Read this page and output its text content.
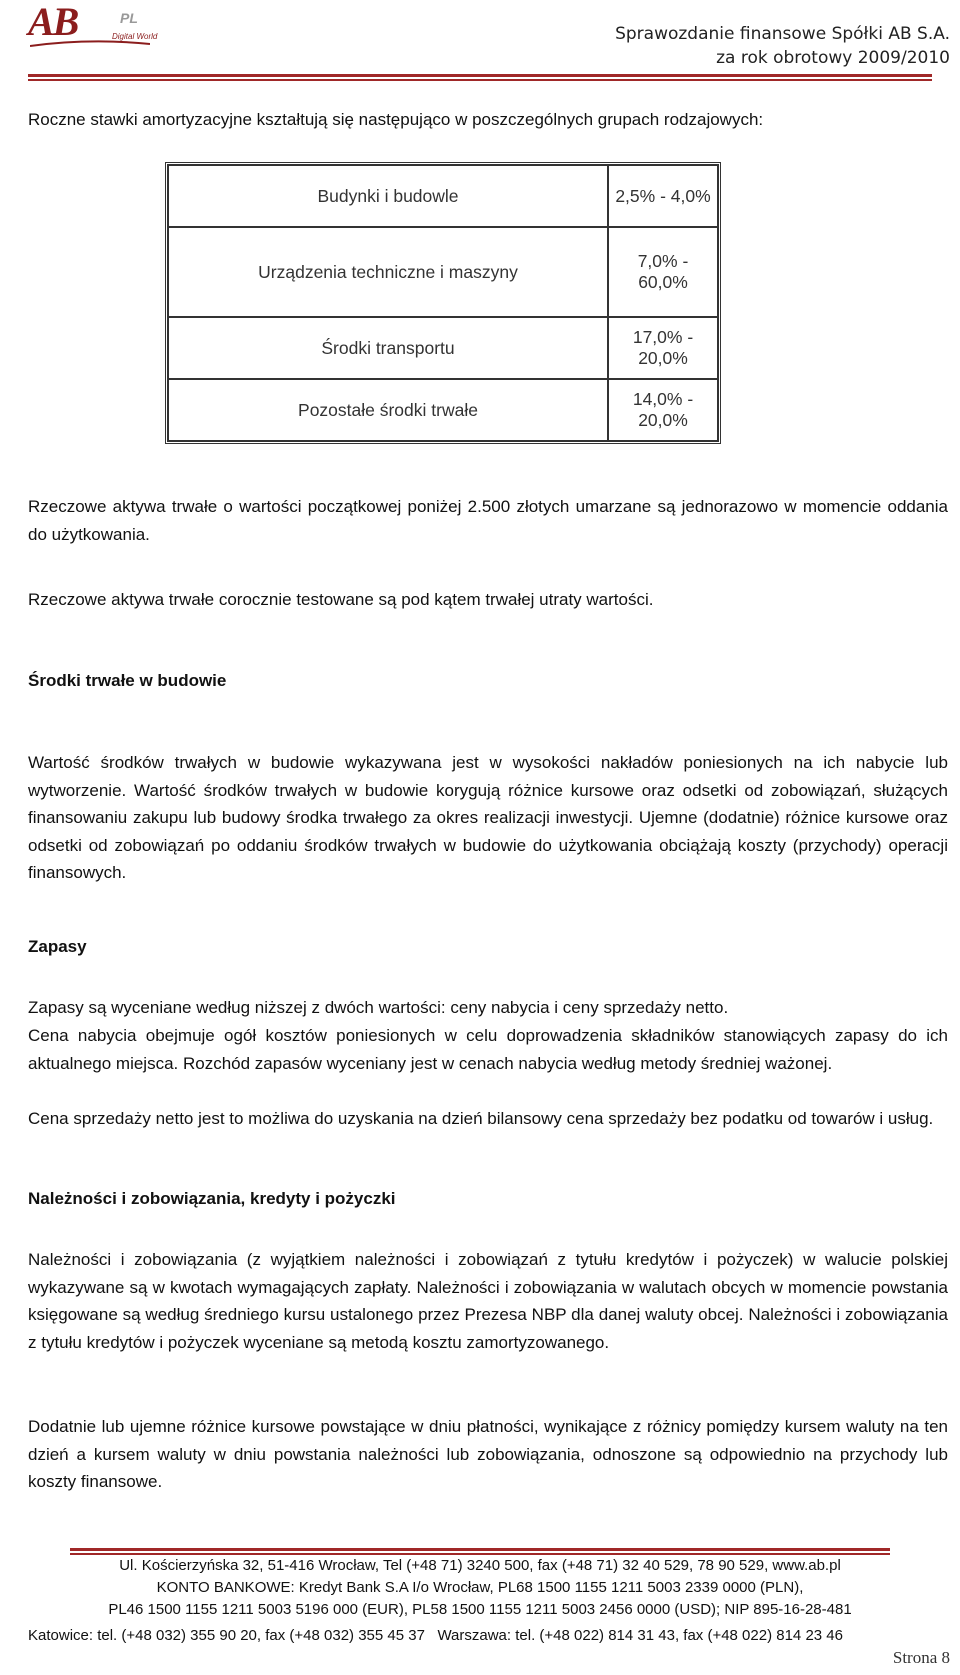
AB	PL
Digital World	Sprawozdanie finansowe Spółki AB S.A.
za rok obrotowy 2009/2010

Roczne stawki amortyzacyjne kształtują się następująco w poszczególnych grupach rodzajowych:

Budynki i budowle	2,5% - 4,0%
Urządzenia techniczne i maszyny	7,0% - 60,0%
Środki transportu	17,0% - 20,0%
Pozostałe środki trwałe	14,0% - 20,0%

Rzeczowe aktywa trwałe o wartości początkowej poniżej 2.500 złotych umarzane są jednorazowo w momencie oddania do użytkowania.

Rzeczowe aktywa trwałe corocznie testowane są pod kątem trwałej utraty wartości.

Środki trwałe w budowie

Wartość środków trwałych w budowie wykazywana jest w wysokości nakładów poniesionych na ich nabycie lub wytworzenie. Wartość środków trwałych w budowie korygują różnice kursowe oraz odsetki od zobowiązań, służących finansowaniu zakupu lub budowy środka trwałego za okres realizacji inwestycji. Ujemne (dodatnie) różnice kursowe oraz odsetki od zobowiązań po oddaniu środków trwałych w budowie do użytkowania obciążają koszty (przychody) operacji finansowych.

Zapasy

Zapasy są wyceniane według niższej z dwóch wartości: ceny nabycia i ceny sprzedaży netto.

Cena nabycia obejmuje ogół kosztów poniesionych w celu doprowadzenia składników stanowiących zapasy do ich aktualnego miejsca. Rozchód zapasów wyceniany jest w cenach nabycia według metody średniej ważonej.

Cena sprzedaży netto jest to możliwa do uzyskania na dzień bilansowy cena sprzedaży bez podatku od towarów i usług.

Należności i zobowiązania, kredyty i pożyczki

Należności i zobowiązania (z wyjątkiem należności i zobowiązań z tytułu kredytów i pożyczek) w walucie polskiej wykazywane są w kwotach wymagających zapłaty. Należności i zobowiązania w walutach obcych w momencie powstania księgowane są według średniego kursu ustalonego przez Prezesa NBP dla danej waluty obcej. Należności i zobowiązania z tytułu kredytów i pożyczek wyceniane są metodą kosztu zamortyzowanego.

Dodatnie lub ujemne różnice kursowe powstające w dniu płatności, wynikające z różnicy pomiędzy kursem waluty na ten dzień a kursem waluty w dniu powstania należności lub zobowiązania, odnoszone są odpowiednio na przychody lub koszty finansowe.

Ul. Kościerzyńska 32, 51-416 Wrocław, Tel (+48 71) 3240 500, fax (+48 71) 32 40 529, 78 90 529, www.ab.pl
KONTO BANKOWE: Kredyt Bank S.A I/o Wrocław, PL68 1500 1155 1211 5003 2339 0000 (PLN),
PL46 1500 1155 1211 5003 5196 000 (EUR), PL58 1500 1155 1211 5003 2456 0000 (USD); NIP 895-16-28-481
Katowice: tel. (+48 032) 355 90 20, fax (+48 032) 355 45 37   Warszawa: tel. (+48 022) 814 31 43, fax (+48 022) 814 23 46
Strona 8
